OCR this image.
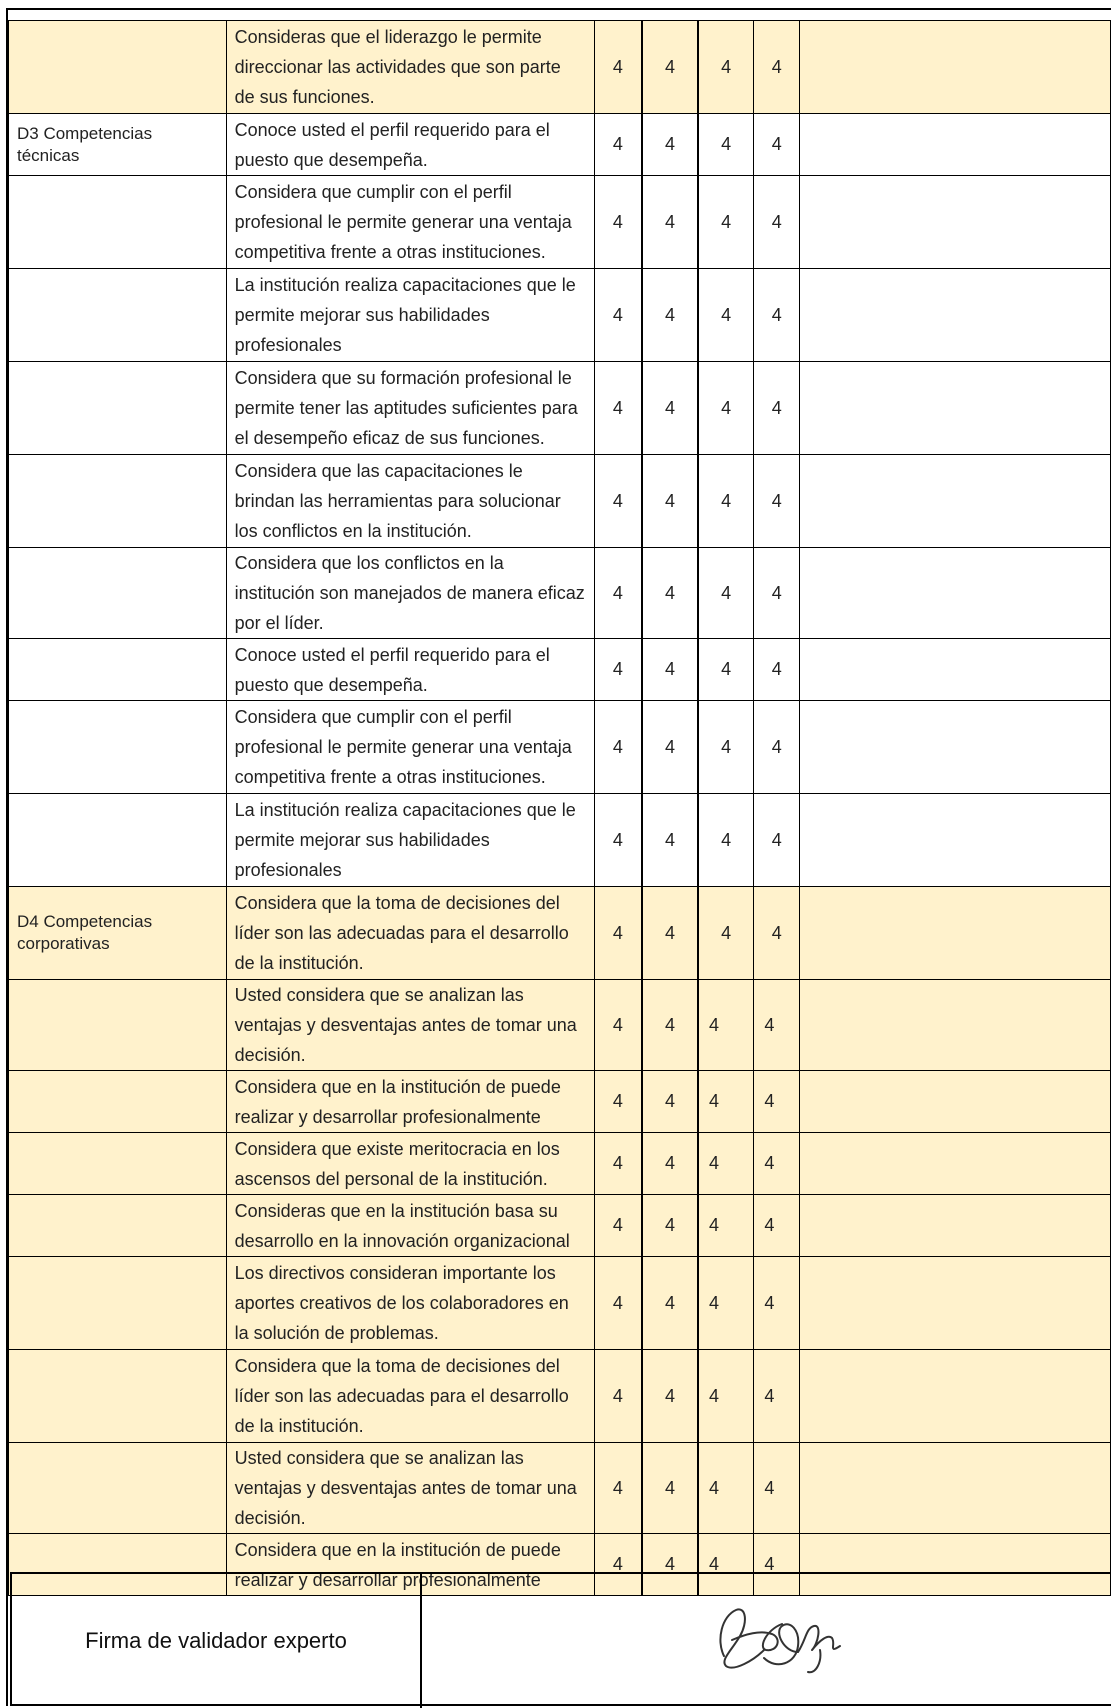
	Consideras que el liderazgo le permite direccionar las actividades que son parte de sus funciones.	4	4	4	4	
D3 Competencias técnicas	Conoce usted el perfil requerido para el puesto que desempeña.	4	4	4	4	
	Considera que cumplir con el perfil profesional le permite generar una ventaja competitiva frente a otras instituciones.	4	4	4	4	
	La institución realiza capacitaciones que le permite mejorar sus habilidades profesionales	4	4	4	4	
	Considera que su formación profesional le permite tener las aptitudes suficientes para el desempeño eficaz de sus funciones.	4	4	4	4	
	Considera que las capacitaciones le brindan las herramientas para solucionar los conflictos en la institución.	4	4	4	4	
	Considera que los conflictos en la institución son manejados de manera eficaz por el líder.	4	4	4	4	
	Conoce usted el perfil requerido para el puesto que desempeña.	4	4	4	4	
	Considera que cumplir con el perfil profesional le permite generar una ventaja competitiva frente a otras instituciones.	4	4	4	4	
	La institución realiza capacitaciones que le permite mejorar sus habilidades profesionales	4	4	4	4	
D4 Competencias corporativas	Considera que la toma de decisiones del líder son las adecuadas para el desarrollo de la institución.	4	4	4	4	
	Usted considera que se analizan las ventajas y desventajas antes de tomar una decisión.	4	4	4	4	
	Considera que en la institución de puede realizar y desarrollar profesionalmente	4	4	4	4	
	Considera que existe meritocracia en los ascensos del personal de la institución.	4	4	4	4	
	Consideras que en la institución basa su desarrollo en la innovación organizacional	4	4	4	4	
	Los directivos consideran importante los aportes creativos de los colaboradores en la solución de problemas.	4	4	4	4	
	Considera que la toma de decisiones del líder son las adecuadas para el desarrollo de la institución.	4	4	4	4	
	Usted considera que se analizan las ventajas y desventajas antes de tomar una decisión.	4	4	4	4	
	Considera que en la institución de puede realizar y desarrollar profesionalmente	4	4	4	4	
Firma de validador experto
